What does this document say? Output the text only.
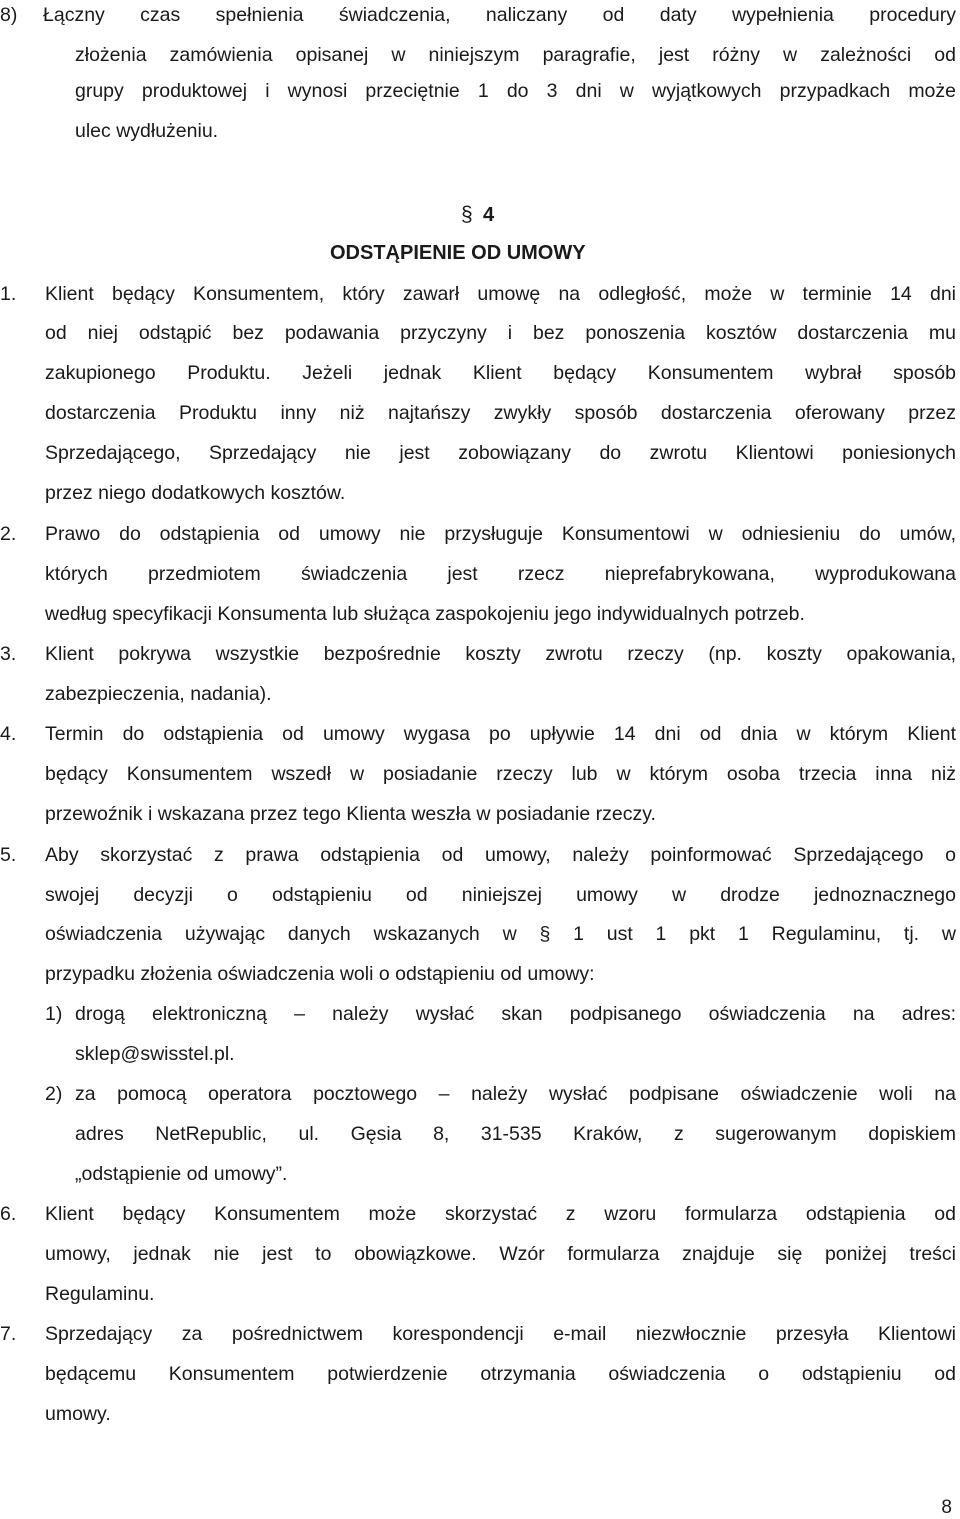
8) Łączny czas spełnienia świadczenia, naliczany od daty wypełnienia procedury
złożenia zamówienia opisanej w niniejszym paragrafie, jest różny w zależności od
grupy produktowej i wynosi przeciętnie 1 do 3 dni w wyjątkowych przypadkach może
ulec wydłużeniu.
§ 4
ODSTĄPIENIE OD UMOWY
1. Klient będący Konsumentem, który zawarł umowę na odległość, może w terminie 14 dni
od niej odstąpić bez podawania przyczyny i bez ponoszenia kosztów dostarczenia mu
zakupionego Produktu. Jeżeli jednak Klient będący Konsumentem wybrał sposób
dostarczenia Produktu inny niż najtańszy zwykły sposób dostarczenia oferowany przez
Sprzedającego, Sprzedający nie jest zobowiązany do zwrotu Klientowi poniesionych
przez niego dodatkowych kosztów.
2. Prawo do odstąpienia od umowy nie przysługuje Konsumentowi w odniesieniu do umów,
których przedmiotem świadczenia jest rzecz nieprefabrykowana, wyprodukowana
według specyfikacji Konsumenta lub służąca zaspokojeniu jego indywidualnych potrzeb.
3. Klient pokrywa wszystkie bezpośrednie koszty zwrotu rzeczy (np. koszty opakowania,
zabezpieczenia, nadania).
4. Termin do odstąpienia od umowy wygasa po upływie 14 dni od dnia w którym Klient
będący Konsumentem wszedł w posiadanie rzeczy lub w którym osoba trzecia inna niż
przewoźnik i wskazana przez tego Klienta weszła w posiadanie rzeczy.
5. Aby skorzystać z prawa odstąpienia od umowy, należy poinformować Sprzedającego o
swojej decyzji o odstąpieniu od niniejszej umowy w drodze jednoznacznego
oświadczenia używając danych wskazanych w § 1 ust 1 pkt 1 Regulaminu, tj. w
przypadku złożenia oświadczenia woli o odstąpieniu od umowy:
1) drogą elektroniczną – należy wysłać skan podpisanego oświadczenia na adres:
sklep@swisstel.pl.
2) za pomocą operatora pocztowego – należy wysłać podpisane oświadczenie woli na
adres NetRepublic, ul. Gęsia 8, 31-535 Kraków, z sugerowanym dopiskiem
„odstąpienie od umowy”.
6. Klient będący Konsumentem może skorzystać z wzoru formularza odstąpienia od
umowy, jednak nie jest to obowiązkowe. Wzór formularza znajduje się poniżej treści
Regulaminu.
7. Sprzedający za pośrednictwem korespondencji e-mail niezwłocznie przesyła Klientowi
będącemu Konsumentem potwierdzenie otrzymania oświadczenia o odstąpieniu od
umowy.
8
